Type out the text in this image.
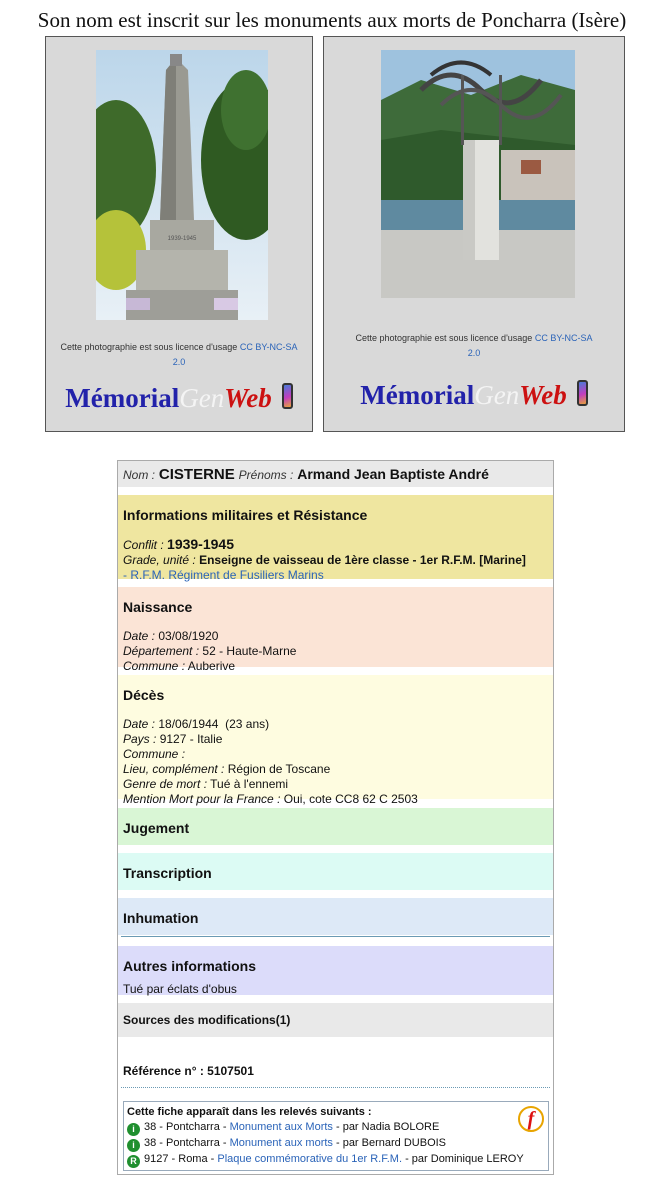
Son nom est inscrit sur les monuments aux morts de Poncharra (Isère)
1939-1945
Cette photographie est sous licence d'usage CC BY-NC-SA
2.0
MémorialGenWeb
Cette photographie est sous licence d'usage CC BY-NC-SA
2.0
MémorialGenWeb
Nom : CISTERNE Prénoms : Armand Jean Baptiste André
Informations militaires et Résistance
Conflit : 1939-1945
Grade, unité : Enseigne de vaisseau de 1ère classe - 1er R.F.M. [Marine]
- R.F.M. Régiment de Fusiliers Marins
Naissance
Date : 03/08/1920
Département : 52 - Haute-Marne
Commune : Auberive
Décès
Date : 18/06/1944  (23 ans)
Pays : 9127 - Italie
Commune :
Lieu, complément : Région de Toscane
Genre de mort : Tué à l'ennemi
Mention Mort pour la France : Oui, cote CC8 62 C 2503
Jugement
Transcription
Inhumation
Autres informations
Tué par éclats d'obus
Sources des modifications(1)
Référence n° : 5107501
f
Cette fiche apparaît dans les relevés suivants :
i 38 - Pontcharra - Monument aux Morts - par Nadia BOLORE
i 38 - Pontcharra - Monument aux morts - par Bernard DUBOIS
R 9127 - Roma - Plaque commémorative du 1er R.F.M. - par Dominique LEROY
